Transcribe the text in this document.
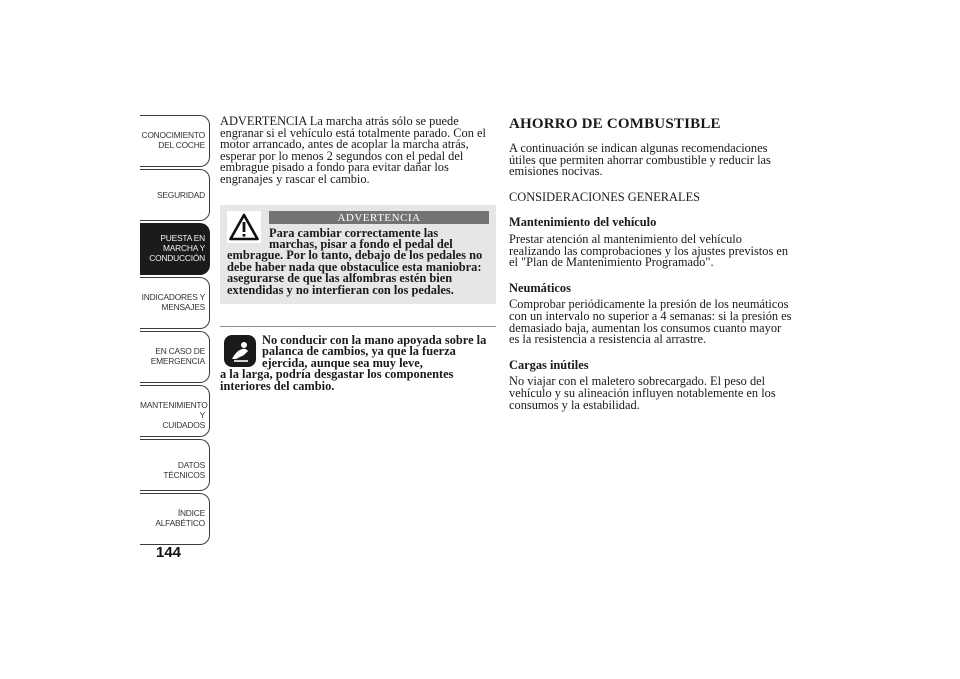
CONOCIMIENTO
DEL COCHE
SEGURIDAD
PUESTA EN
MARCHA Y
CONDUCCIÓN
INDICADORES Y
MENSAJES
EN CASO DE
EMERGENCIA
MANTENIMIENTO Y
CUIDADOS
DATOS TÉCNICOS
ÍNDICE
ALFABÉTICO
144

ADVERTENCIA La marcha atrás sólo se puede engranar si el vehículo está totalmente parado. Con el motor arrancado, antes de acoplar la marcha atrás, esperar por lo menos 2 segundos con el pedal del embrague pisado a fondo para evitar dañar los engranajes y rascar el cambio.

ADVERTENCIA
Para cambiar correctamente las marchas, pisar a fondo el pedal del
embrague. Por lo tanto, debajo de los pedales no debe haber nada que obstaculice esta maniobra: asegurarse de que las alfombras estén bien extendidas y no interfieran con los pedales.
No conducir con la mano apoyada sobre la palanca de cambios, ya que la fuerza ejercida, aunque sea muy leve,
a la larga, podría desgastar los componentes interiores del cambio.
AHORRO DE COMBUSTIBLE

A continuación se indican algunas recomendaciones útiles que permiten ahorrar combustible y reducir las emisiones nocivas.

CONSIDERACIONES GENERALES

Mantenimiento del vehículo

Prestar atención al mantenimiento del vehículo realizando las comprobaciones y los ajustes previstos en el "Plan de Mantenimiento Programado".

Neumáticos

Comprobar periódicamente la presión de los neumáticos con un intervalo no superior a 4 semanas: si la presión es demasiado baja, aumentan los consumos cuanto mayor es la resistencia a resistencia al arrastre.

Cargas inútiles

No viajar con el maletero sobrecargado. El peso del vehículo y su alineación influyen notablemente en los consumos y la estabilidad.
